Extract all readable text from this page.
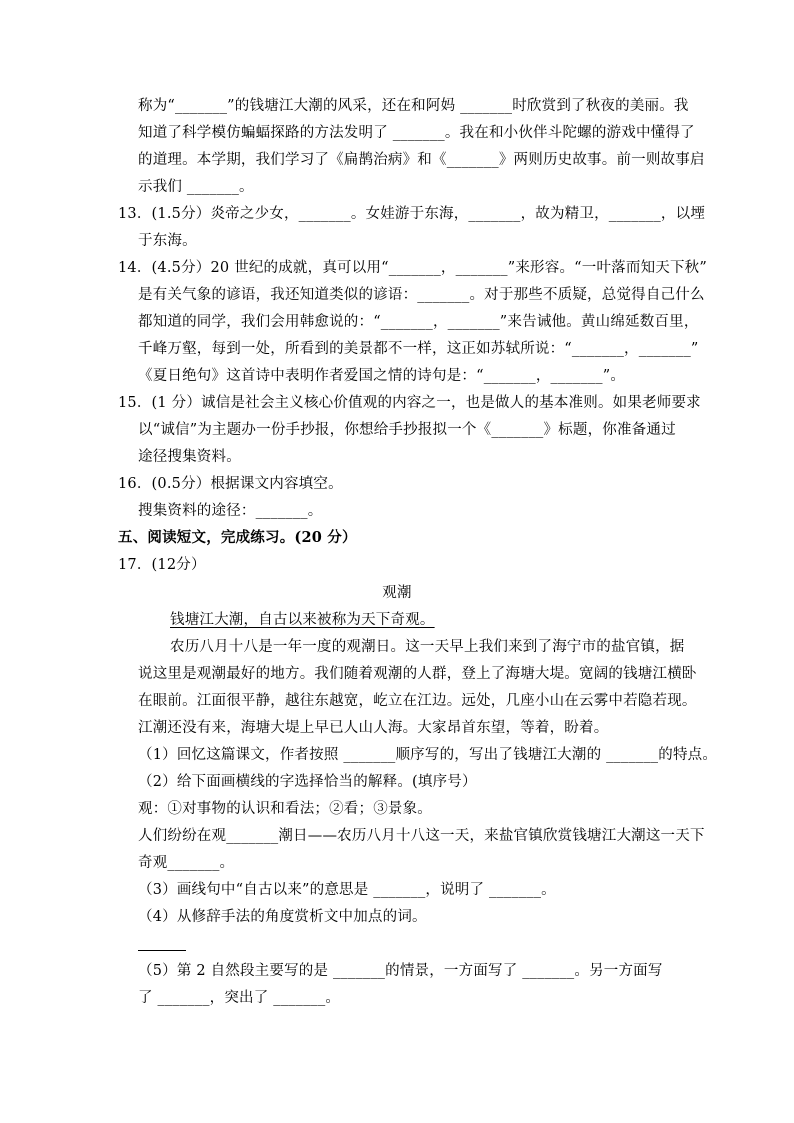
称为“_______”的钱塘江大潮的风采，还在和阿妈 _______时欣赏到了秋夜的美丽。我
知道了科学模仿蝙蝠探路的方法发明了 _______。我在和小伙伴斗陀螺的游戏中懂得了
的道理。本学期，我们学习了《扁鹊治病》和《_______》两则历史故事。前一则故事启
示我们 _______。
13．(1.5分）炎帝之少女，_______。女娃游于东海，_______，故为精卫，_______，以堙
于东海。
14．(4.5分）20 世纪的成就，真可以用“_______，_______”来形容。“一叶落而知天下秋”
是有关气象的谚语，我还知道类似的谚语：_______。对于那些不质疑，总觉得自己什么
都知道的同学，我们会用韩愈说的：“_______，_______”来告诫他。黄山绵延数百里，
千峰万壑，每到一处，所看到的美景都不一样，这正如苏轼所说：“_______，_______”
《夏日绝句》这首诗中表明作者爱国之情的诗句是：“_______，_______”。
15．(1 分）诚信是社会主义核心价值观的内容之一，也是做人的基本准则。如果老师要求
以“诚信”为主题办一份手抄报，你想给手抄报拟一个《_______》标题，你准备通过
途径搜集资料。
16．(0.5分）根据课文内容填空。
搜集资料的途径：_______。
五、阅读短文，完成练习。(20 分）
17．(12分）
观潮
钱塘江大潮，自古以来被称为天下奇观。
农历八月十八是一年一度的观潮日。这一天早上我们来到了海宁市的盐官镇，据
说这里是观潮最好的地方。我们随着观潮的人群，登上了海塘大堤。宽阔的钱塘江横卧
在眼前。江面很平静，越往东越宽，屹立在江边。远处，几座小山在云雾中若隐若现。
江潮还没有来，海塘大堤上早已人山人海。大家昂首东望，等着，盼着。
（1）回忆这篇课文，作者按照 _______顺序写的，写出了钱塘江大潮的 _______的特点。
（2）给下面画横线的字选择恰当的解释。(填序号）
观：①对事物的认识和看法；②看；③景象。
人们纷纷在观_______潮日——农历八月十八这一天，来盐官镇欣赏钱塘江大潮这一天下
奇观_______。
（3）画线句中“自古以来”的意思是 _______，说明了 _______。
（4）从修辞手法的角度赏析文中加点的词。
（5）第 2 自然段主要写的是 _______的情景，一方面写了 _______。另一方面写
了 _______，突出了 _______。
